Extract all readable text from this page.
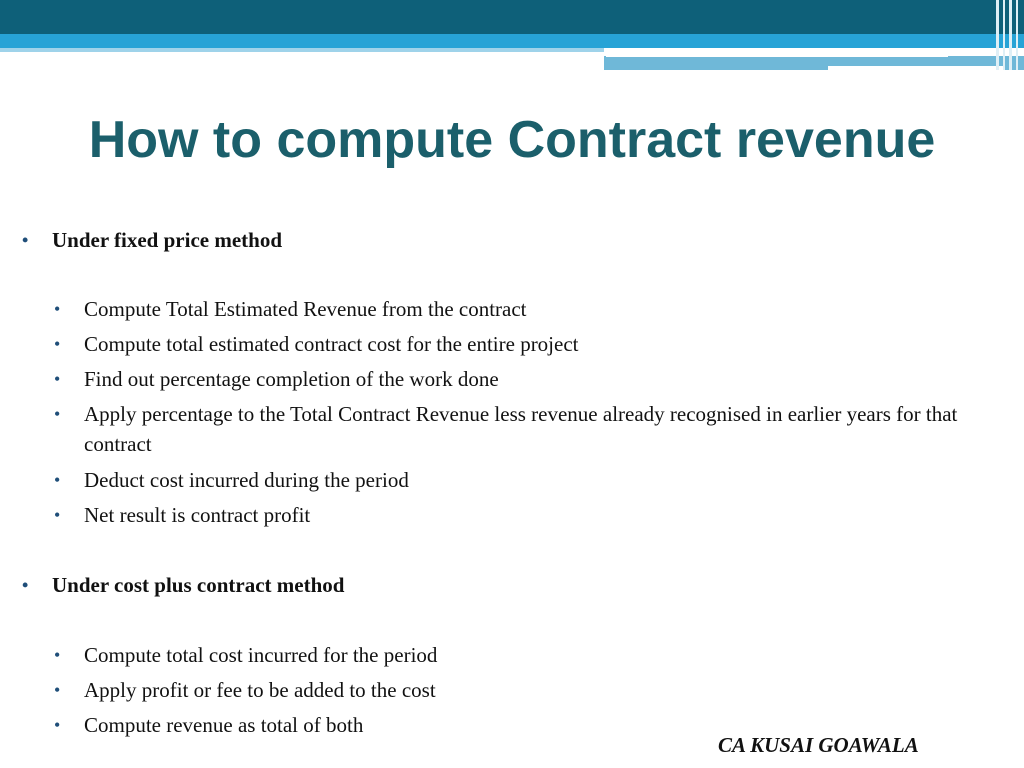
How to compute Contract revenue
• Under fixed price method
• Compute Total Estimated Revenue from the contract
• Compute total estimated contract cost for the entire project
• Find out percentage completion of the work done
• Apply percentage to the Total Contract Revenue less revenue already recognised in earlier years for that contract
• Deduct cost incurred during the period
• Net result is contract profit
• Under cost plus contract method
• Compute total cost incurred for the period
• Apply profit or fee to be added to the cost
• Compute revenue as total of both
CA KUSAI GOAWALA
